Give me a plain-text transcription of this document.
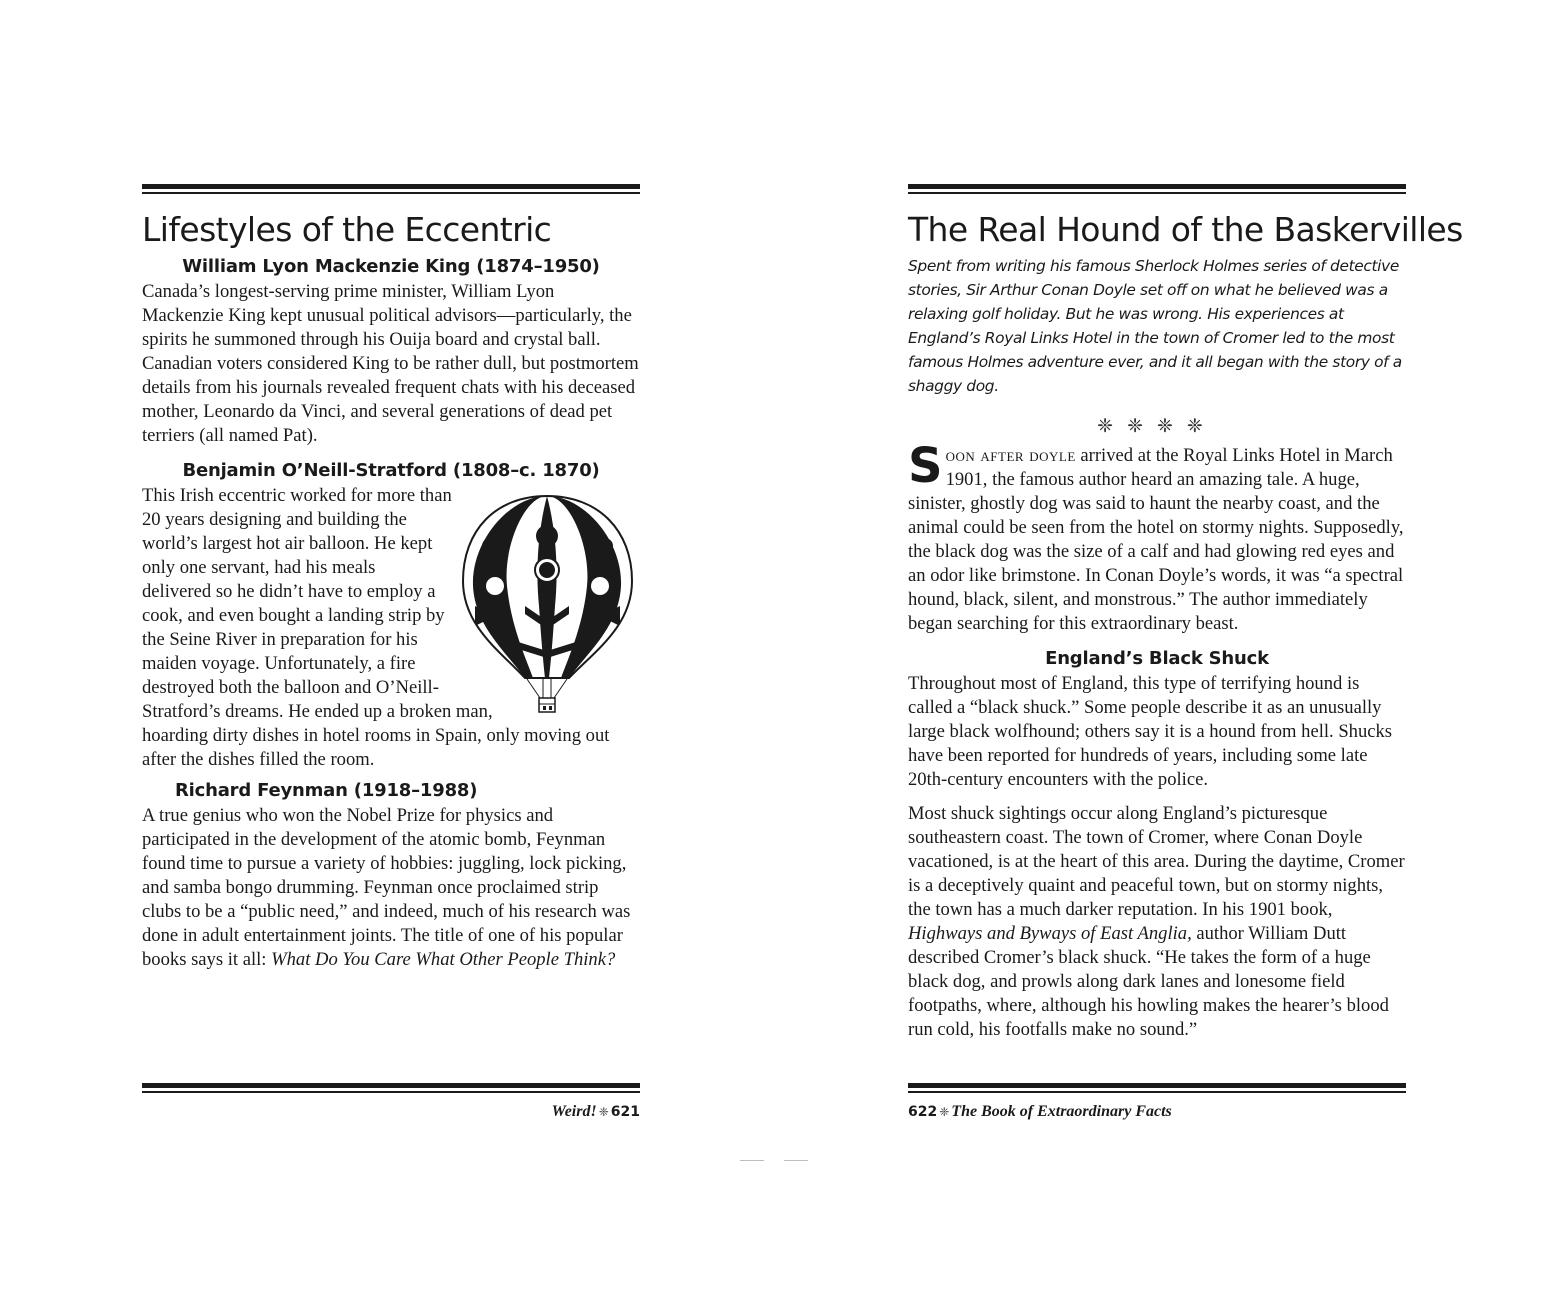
Lifestyles of the Eccentric
William Lyon Mackenzie King (1874–1950)

Canada’s longest-serving prime minister, William Lyon Mackenzie King kept unusual political advisors—particularly, the spirits he summoned through his Ouija board and crystal ball. Canadian voters considered King to be rather dull, but postmortem details from his journals revealed frequent chats with his deceased mother, Leonardo da Vinci, and several generations of dead pet terriers (all named Pat).

Benjamin O’Neill-Stratford (1808–c. 1870)

This Irish eccentric worked for more than 20 years designing and building the world’s largest hot air balloon. He kept only one servant, had his meals delivered so he didn’t have to employ a cook, and even bought a landing strip by the Seine River in preparation for his maiden voyage. Unfortunately, a fire destroyed both the balloon and O’Neill-Stratford’s dreams. He ended up a broken man, hoarding dirty dishes in hotel rooms in Spain, only moving out after the dishes filled the room.

Richard Feynman (1918–1988)

A true genius who won the Nobel Prize for physics and participated in the development of the atomic bomb, Feynman found time to pursue a variety of hobbies: juggling, lock picking, and samba bongo drumming. Feynman once proclaimed strip clubs to be a “public need,” and indeed, much of his research was done in adult entertainment joints. The title of one of his popular books says it all: What Do You Care What Other People Think?

Weird! ❈ 621
The Real Hound of the Baskervilles

Spent from writing his famous Sherlock Holmes series of detective stories, Sir Arthur Conan Doyle set off on what he believed was a relaxing golf holiday. But he was wrong. His experiences at England’s Royal Links Hotel in the town of Cromer led to the most famous Holmes adventure ever, and it all began with the story of a shaggy dog.

❈❈❈❈

Soon after doyle arrived at the Royal Links Hotel in March 1901, the famous author heard an amazing tale. A huge, sinister, ghostly dog was said to haunt the nearby coast, and the animal could be seen from the hotel on stormy nights. Supposedly, the black dog was the size of a calf and had glowing red eyes and an odor like brimstone. In Conan Doyle’s words, it was “a spectral hound, black, silent, and monstrous.” The author immediately began searching for this extraordinary beast.

England’s Black Shuck

Throughout most of England, this type of terrifying hound is called a “black shuck.” Some people describe it as an unusually large black wolfhound; others say it is a hound from hell. Shucks have been reported for hundreds of years, including some late 20th-century encounters with the police.

Most shuck sightings occur along England’s picturesque southeastern coast. The town of Cromer, where Conan Doyle vacationed, is at the heart of this area. During the daytime, Cromer is a deceptively quaint and peaceful town, but on stormy nights, the town has a much darker reputation. In his 1901 book, Highways and Byways of East Anglia, author William Dutt described Cromer’s black shuck. “He takes the form of a huge black dog, and prowls along dark lanes and lonesome field footpaths, where, although his howling makes the hearer’s blood run cold, his footfalls make no sound.”

622 ❈ The Book of Extraordinary Facts
